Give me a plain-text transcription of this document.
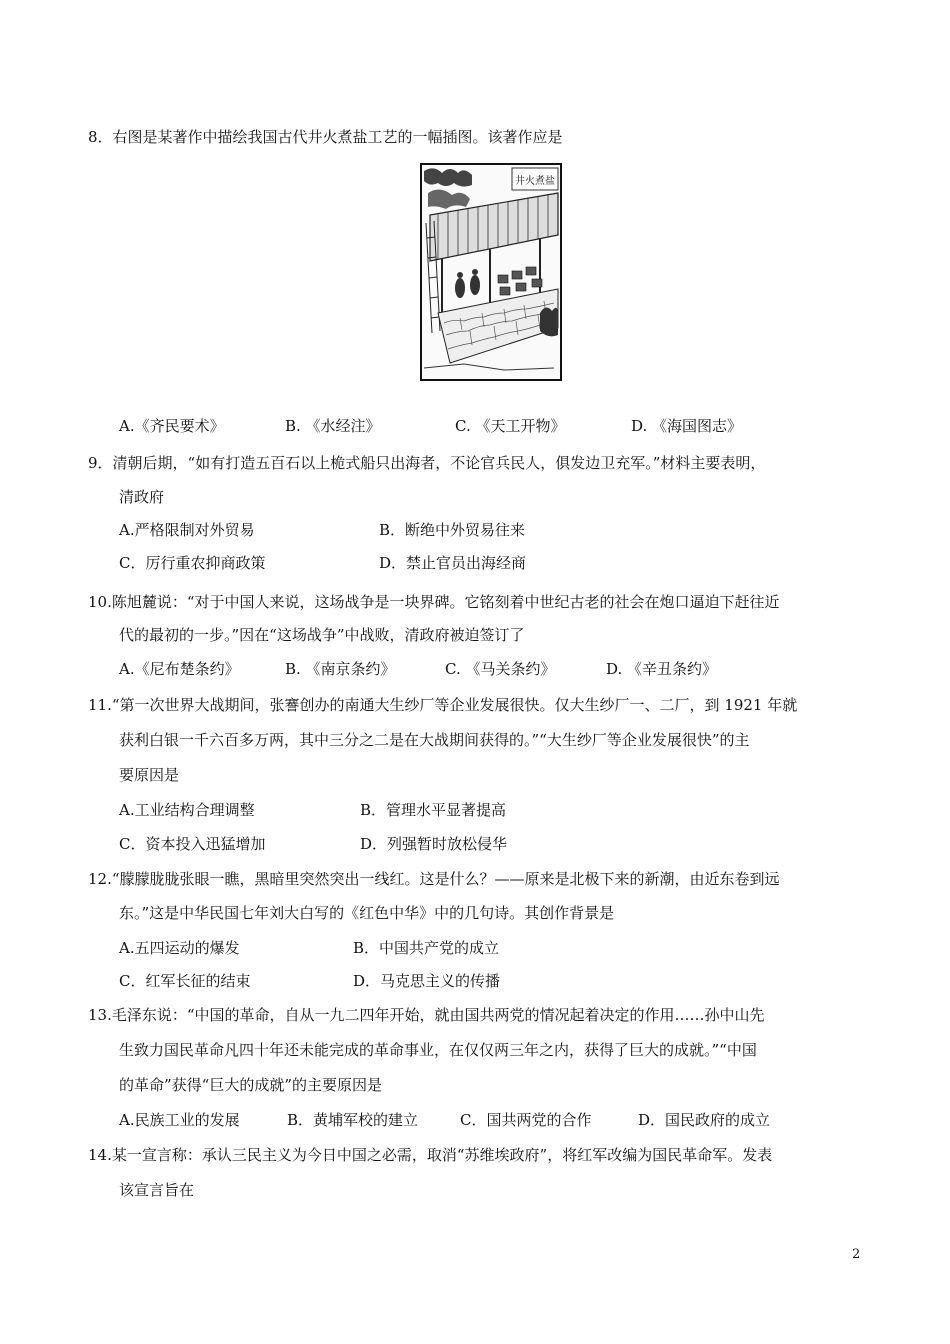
8．右图是某著作中描绘我国古代井火煮盐工艺的一幅插图。该著作应是
井火煮盐
A.《齐民要术》	B. 《水经注》	C. 《天工开物》	D. 《海国图志》
9．清朝后期，“如有打造五百石以上桅式船只出海者，不论官兵民人，俱发边卫充军。”材料主要表明，
清政府
A.严格限制对外贸易	B．断绝中外贸易往来
C．厉行重农抑商政策	D．禁止官员出海经商
10.陈旭麓说：“对于中国人来说，这场战争是一块界碑。它铭刻着中世纪古老的社会在炮口逼迫下赶往近
代的最初的一步。”因在“这场战争”中战败，清政府被迫签订了
A.《尼布楚条约》	B. 《南京条约》	C. 《马关条约》	D. 《辛丑条约》
11.“第一次世界大战期间，张謇创办的南通大生纱厂等企业发展很快。仅大生纱厂一、二厂，到 1921 年就
获利白银一千六百多万两，其中三分之二是在大战期间获得的。”“大生纱厂等企业发展很快”的主
要原因是
A.工业结构合理调整	B．管理水平显著提高
C．资本投入迅猛增加	D．列强暂时放松侵华
12.“朦朦胧胧张眼一瞧，黑暗里突然突出一线红。这是什么？——原来是北极下来的新潮，由近东卷到远
东。”这是中华民国七年刘大白写的《红色中华》中的几句诗。其创作背景是
A.五四运动的爆发	B．中国共产党的成立
C．红军长征的结束	D．马克思主义的传播
13.毛泽东说：“中国的革命，自从一九二四年开始，就由国共两党的情况起着决定的作用……孙中山先
生致力国民革命凡四十年还未能完成的革命事业，在仅仅两三年之内，获得了巨大的成就。”“中国
的革命”获得“巨大的成就”的主要原因是
A.民族工业的发展	B．黄埔军校的建立	C．国共两党的合作	D．国民政府的成立
14.某一宣言称：承认三民主义为今日中国之必需，取消“苏维埃政府”，将红军改编为国民革命军。发表
该宣言旨在
2
